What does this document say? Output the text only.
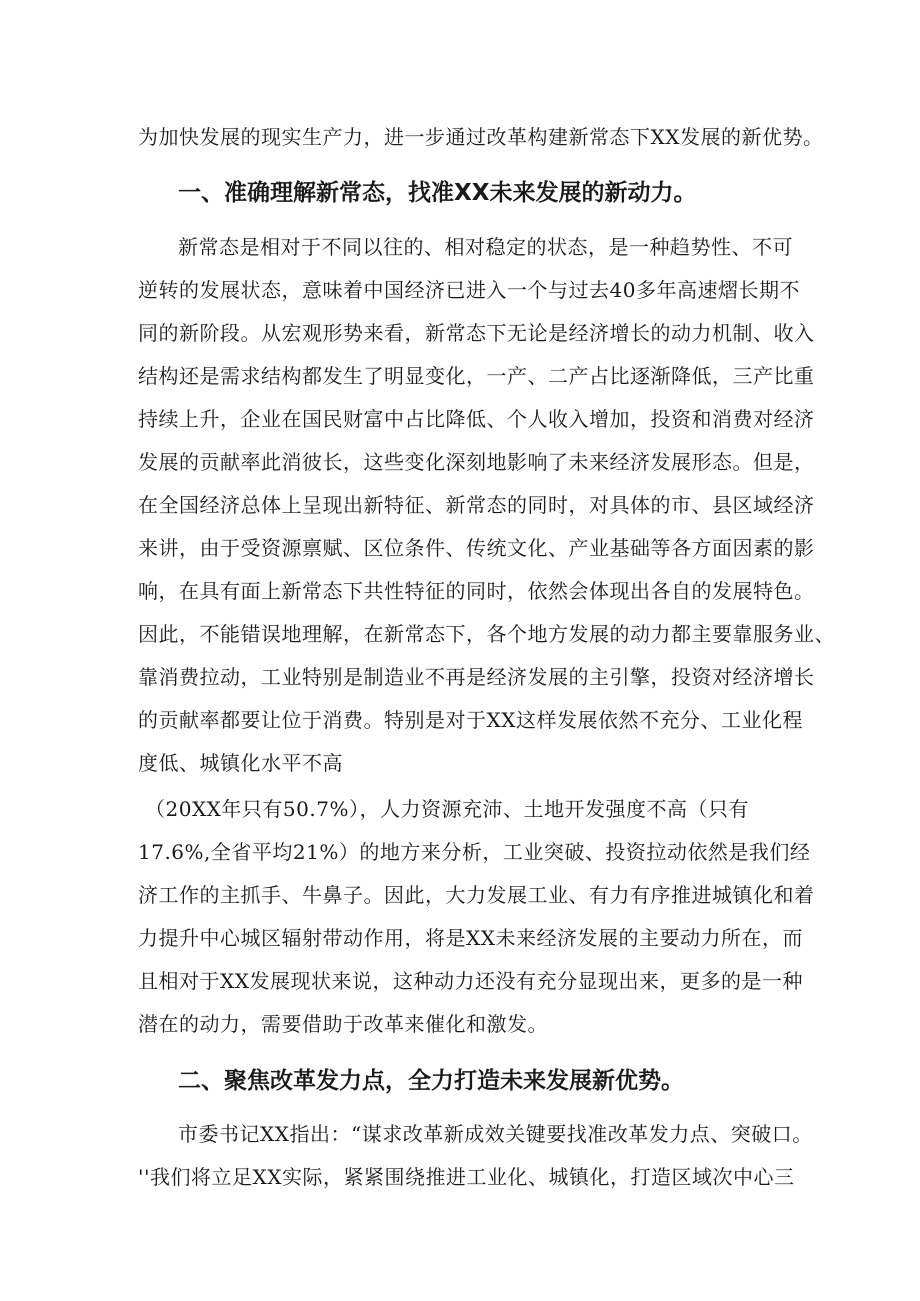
为加快发展的现实生产力，进一步通过改革构建新常态下XX发展的新优势。
一、准确理解新常态，找准XX未来发展的新动力。
新常态是相对于不同以往的、相对稳定的状态，是一种趋势性、不可
逆转的发展状态，意味着中国经济已进入一个与过去40多年高速熠长期不
同的新阶段。从宏观形势来看，新常态下无论是经济增长的动力机制、收入
结构还是需求结构都发生了明显变化，一产、二产占比逐渐降低，三产比重
持续上升，企业在国民财富中占比降低、个人收入增加，投资和消费对经济
发展的贡献率此消彼长，这些变化深刻地影响了未来经济发展形态。但是，
在全国经济总体上呈现出新特征、新常态的同时，对具体的市、县区域经济
来讲，由于受资源禀赋、区位条件、传统文化、产业基础等各方面因素的影
响，在具有面上新常态下共性特征的同时，依然会体现出各自的发展特色。
因此，不能错误地理解，在新常态下，各个地方发展的动力都主要靠服务业、
靠消费拉动，工业特别是制造业不再是经济发展的主引擎，投资对经济增长
的贡献率都要让位于消费。特别是对于XX这样发展依然不充分、工业化程
度低、城镇化水平不高
（20XX年只有50.7%），人力资源充沛、土地开发强度不高（只有
17.6%,全省平均21%）的地方来分析，工业突破、投资拉动依然是我们经
济工作的主抓手、牛鼻子。因此，大力发展工业、有力有序推进城镇化和着
力提升中心城区辐射带动作用，将是XX未来经济发展的主要动力所在，而
且相对于XX发展现状来说，这种动力还没有充分显现出来，更多的是一种
潜在的动力，需要借助于改革来催化和激发。
二、聚焦改革发力点，全力打造未来发展新优势。
市委书记XX指出：“谋求改革新成效关键要找准改革发力点、突破口。
''我们将立足XX实际，紧紧围绕推进工业化、城镇化，打造区域次中心三
